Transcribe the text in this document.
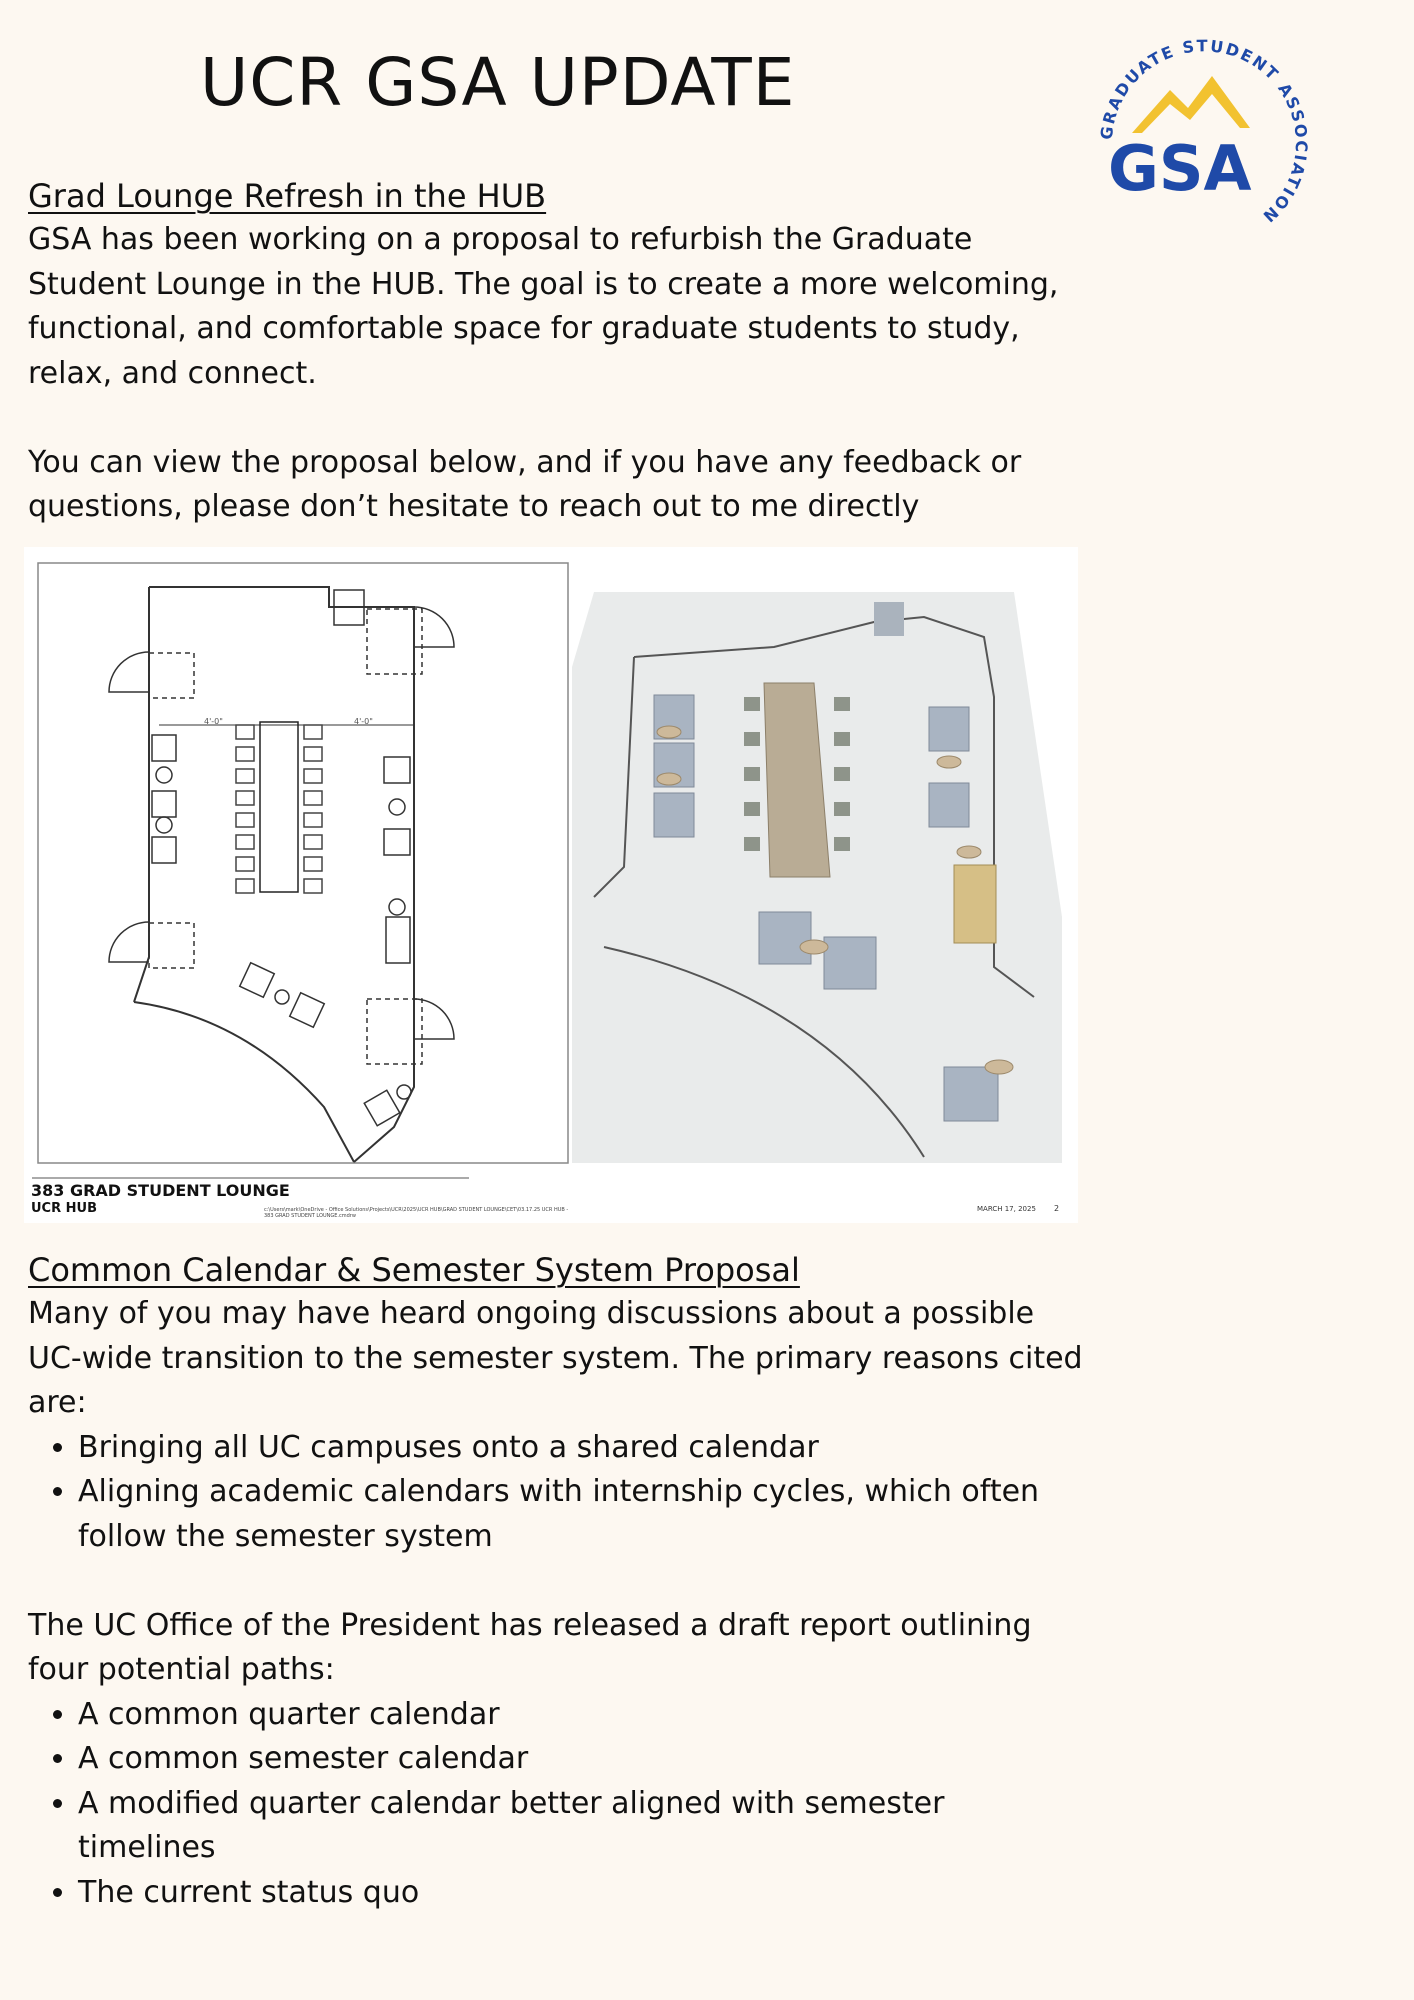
UCR GSA UPDATE
GRADUATE STUDENT ASSOCIATION
GSA
Grad Lounge Refresh in the HUB

GSA has been working on a proposal to refurbish the Graduate Student Lounge in the HUB. The goal is to create a more welcoming, functional, and comfortable space for graduate students to study, relax, and connect.

You can view the proposal below, and if you have any feedback or questions, please don’t hesitate to reach out to me directly

4'-0"	4'-0"
383 GRAD STUDENT LOUNGE
UCR HUB	c:\Users\mark\OneDrive - Office Solutions\Projects\UCR\2025\UCR HUB\GRAD STUDENT LOUNGE\CET\03.17.25 UCR HUB -
383 GRAD STUDENT LOUNGE.cmdrw
MARCH 17, 2025 2
Common Calendar & Semester System Proposal

Many of you may have heard ongoing discussions about a possible UC-wide transition to the semester system. The primary reasons cited are:

• Bringing all UC campuses onto a shared calendar
• Aligning academic calendars with internship cycles, which often follow the semester system

The UC Office of the President has released a draft report outlining four potential paths:

• A common quarter calendar
• A common semester calendar
• A modified quarter calendar better aligned with semester timelines
• The current status quo
